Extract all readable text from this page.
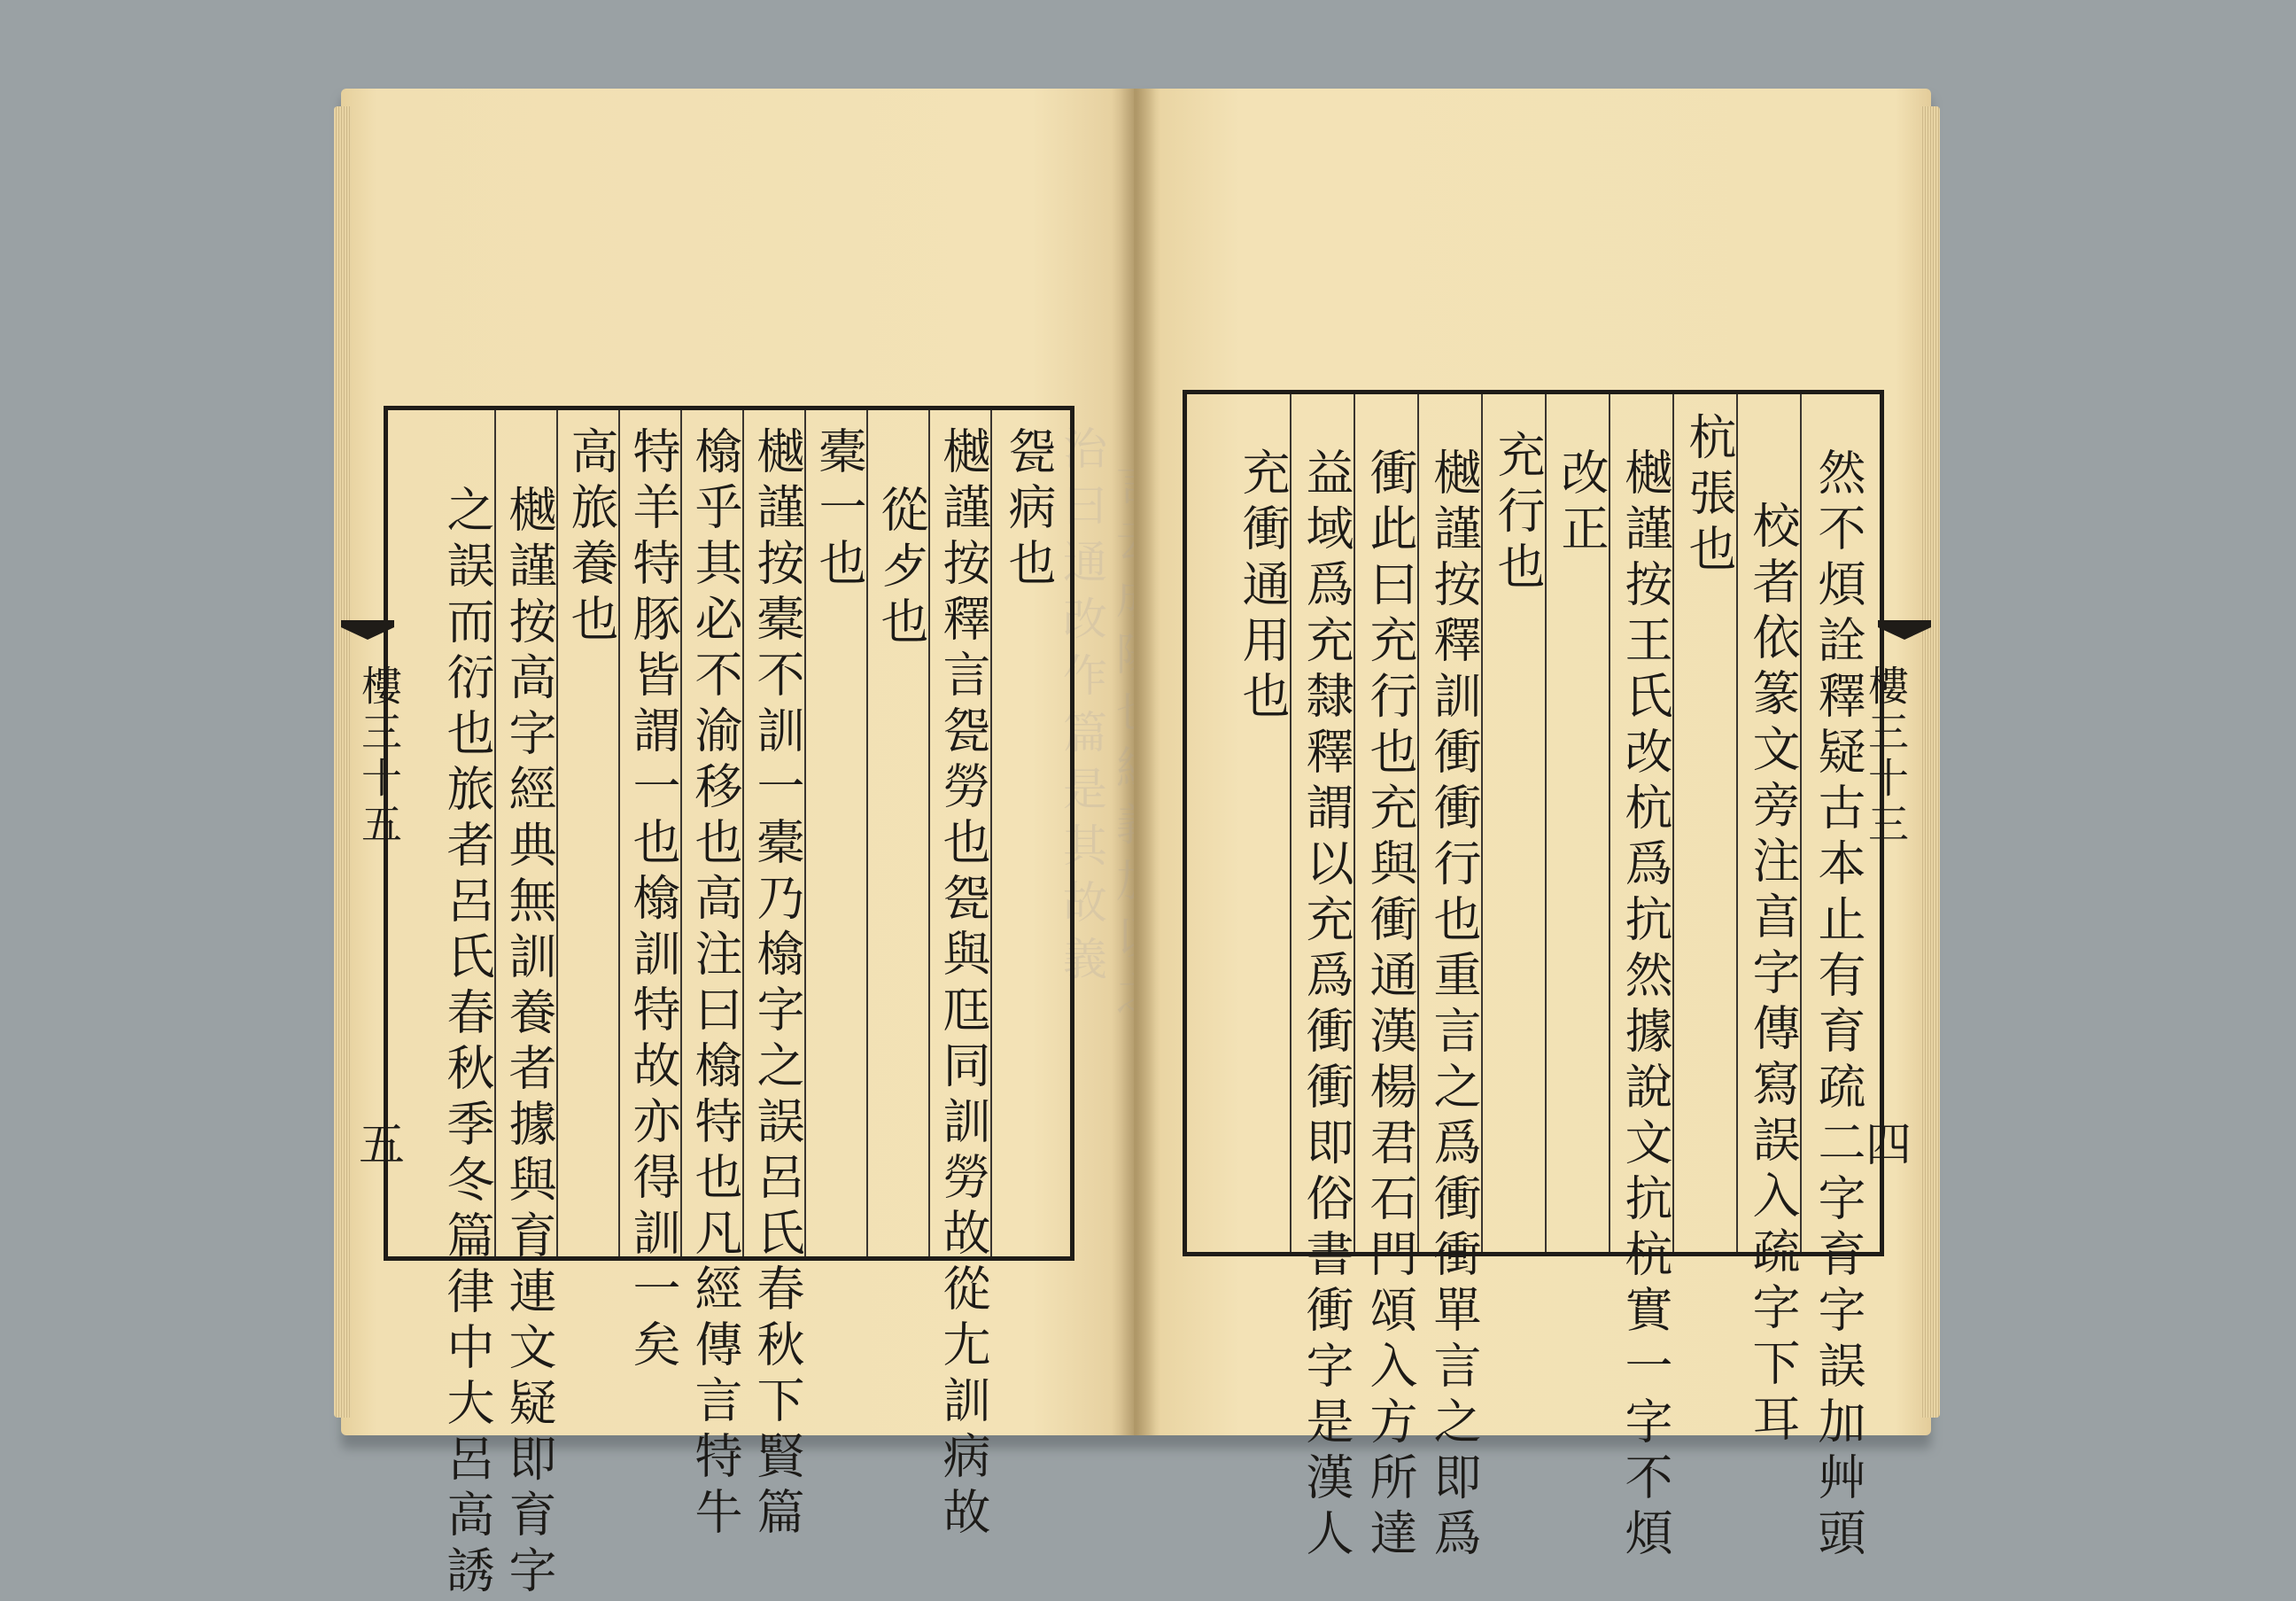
治曰通改作篇是其故義
㼝病也
樾謹按釋言㼝勞也㼝與尫同訓勞故從尢訓病故
從歺也
橐一也
樾謹按橐不訓一橐乃㯓字之誤呂氏春秋下賢篇
㯓乎其必不渝移也高注曰㯓特也凡經傳言特牛
特羊特豚皆謂一也㯓訓特故亦得訓一矣
高旅養也
樾謹按高字經典無訓養者據與育連文疑即育字
之誤而衍也旅者呂氏春秋季冬篇律中大呂高誘
樓三十五
五	然不煩詮釋疑古本止有育疏二字育字誤加艸頭
校者依篆文旁注亯字傳寫誤入疏字下耳
杭張也
樾謹按王氏改杭爲抗然據說文抗杭實一字不煩
改正
充行也
樾謹按釋訓衝衝行也重言之爲衝衝單言之即爲
衝此曰充行也充與衝通漢楊君石門頌入方所達
益域爲充隸釋謂以充爲衝衝即俗書衝字是漢人
充衝通用也
樓三十三
四
